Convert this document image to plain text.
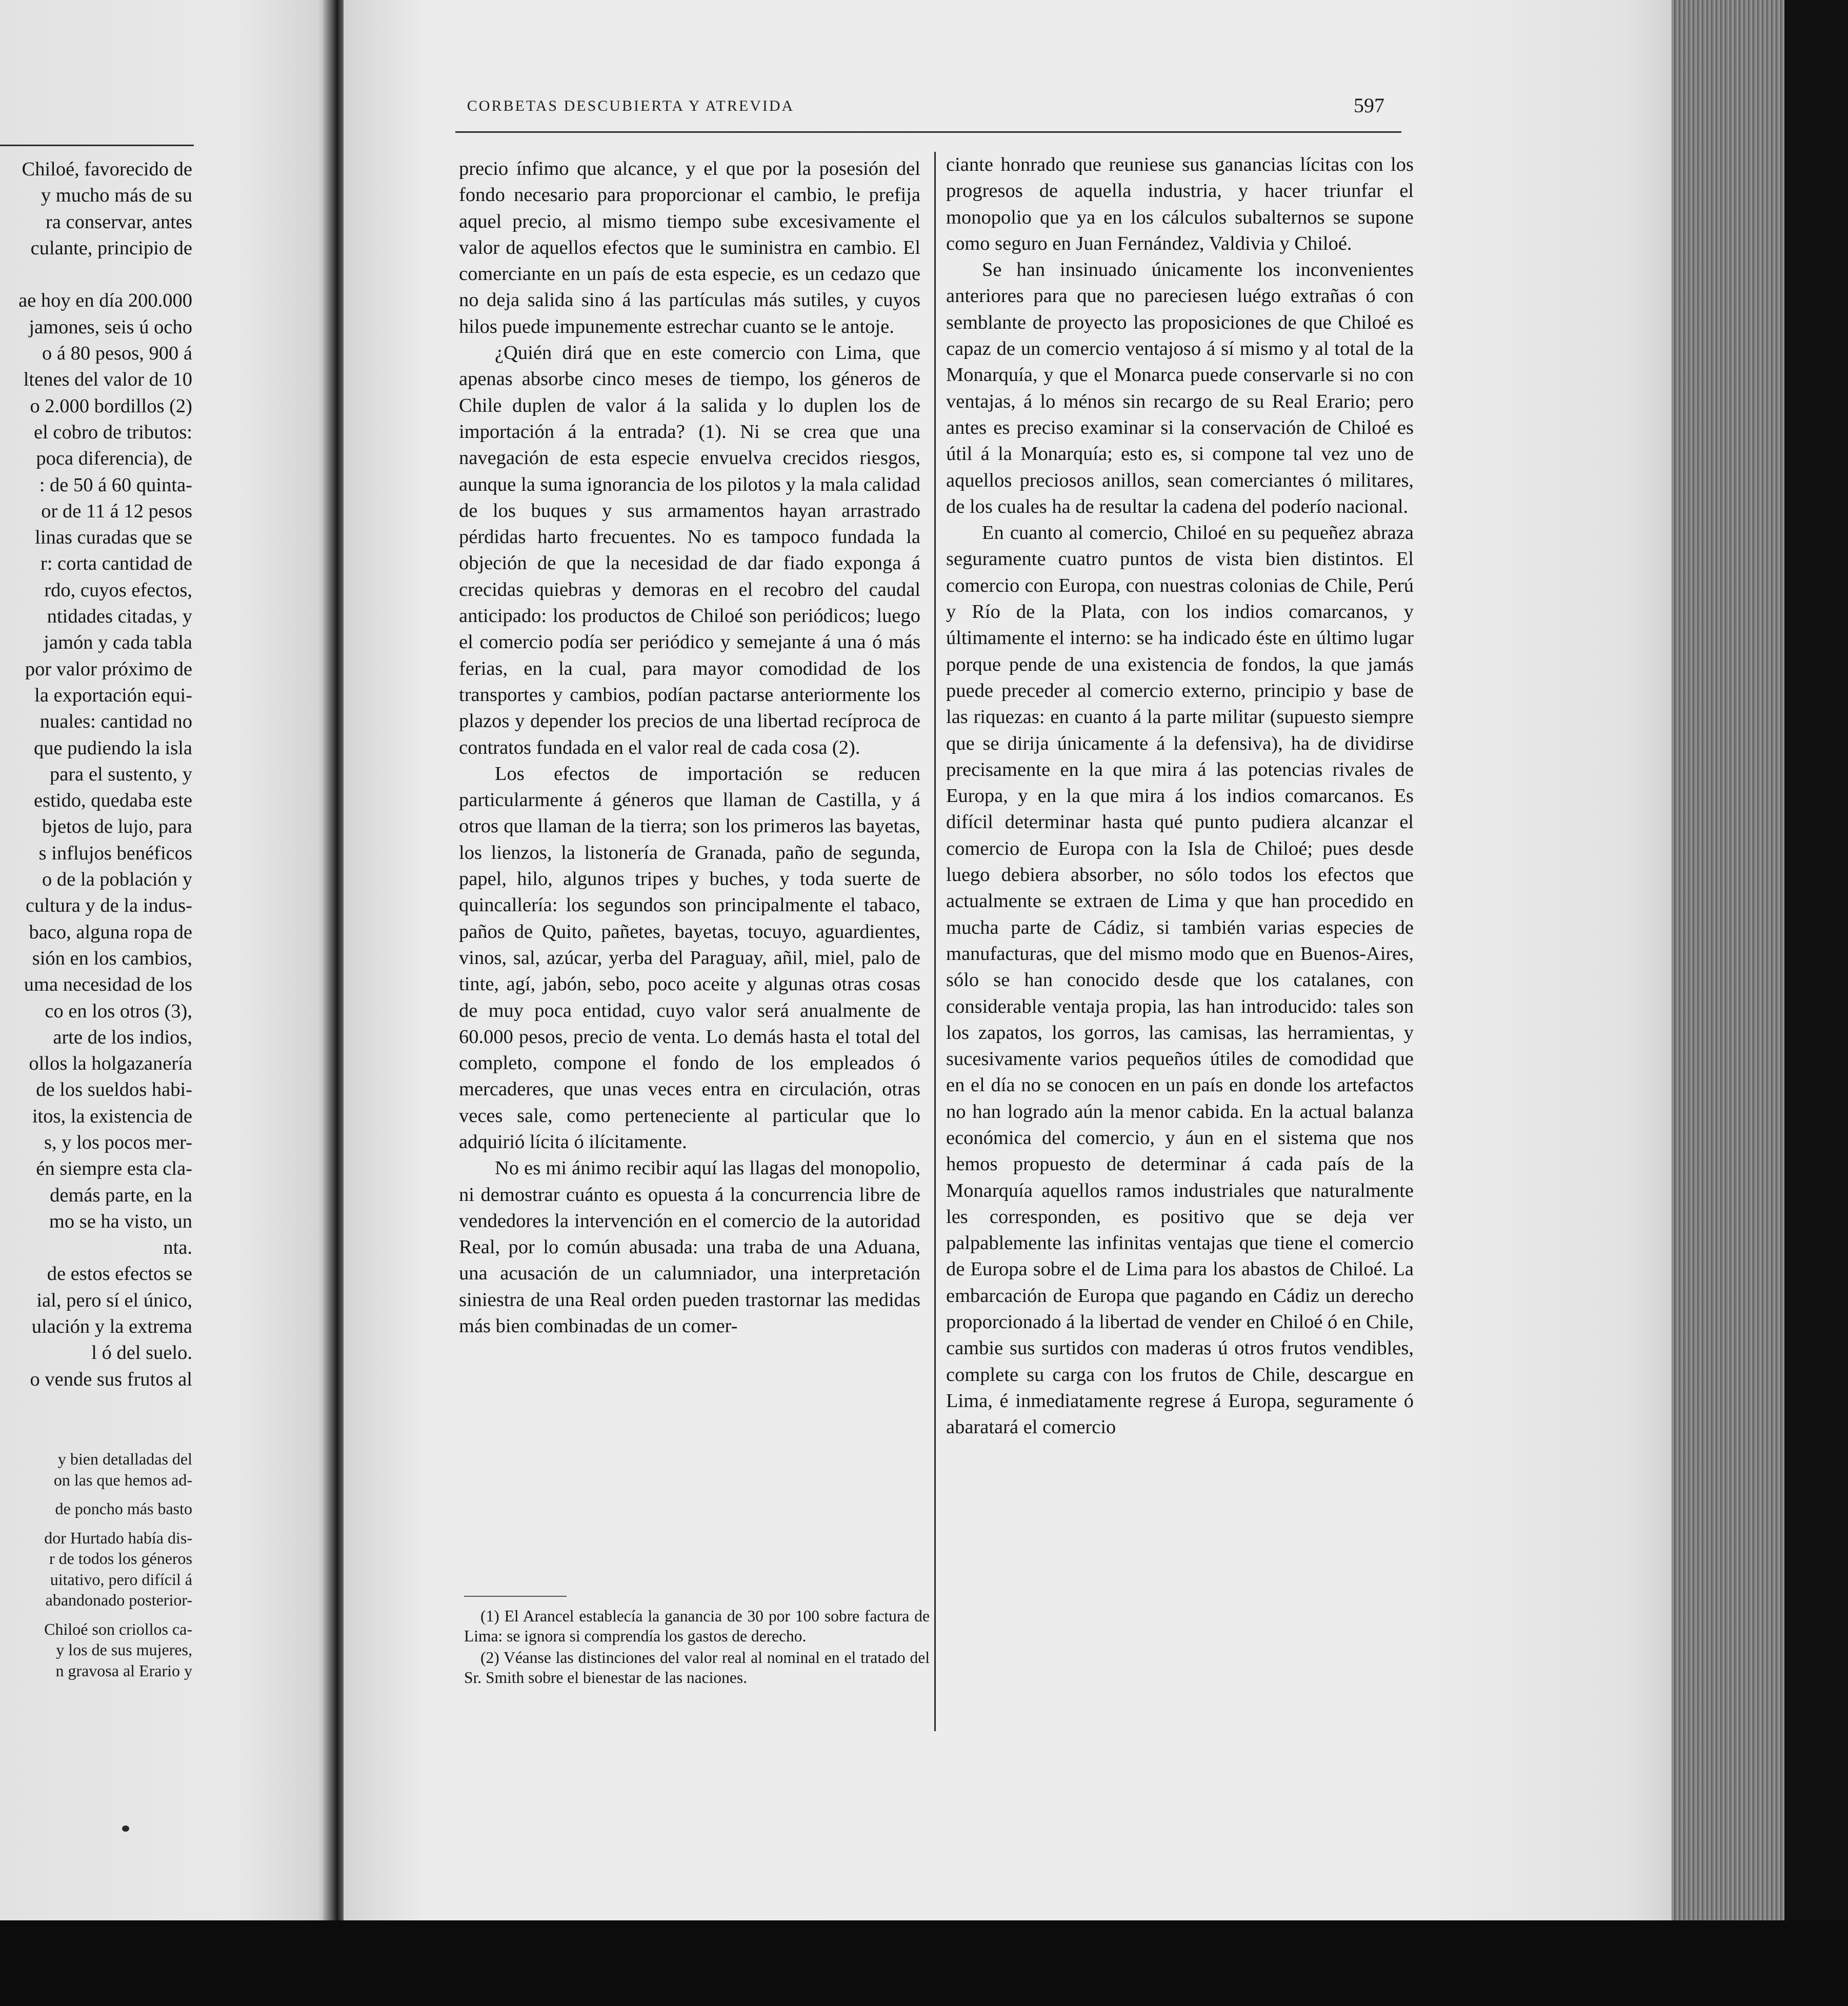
Chiloé, favorecido de
y mucho más de su
ra conservar, antes
culante, principio de

ae hoy en día 200.000
jamones, seis ú ocho
o á 80 pesos, 900 á
ltenes del valor de 10
o 2.000 bordillos (2)
el cobro de tributos:
poca diferencia), de
: de 50 á 60 quinta-
or de 11 á 12 pesos
linas curadas que se
r: corta cantidad de
rdo, cuyos efectos,
ntidades citadas, y
jamón y cada tabla
por valor próximo de
la exportación equi-
nuales: cantidad no
que pudiendo la isla
para el sustento, y
estido, quedaba este
bjetos de lujo, para
s influjos benéficos
o de la población y
cultura y de la indus-
baco, alguna ropa de
sión en los cambios,
uma necesidad de los
co en los otros (3),
arte de los indios,
ollos la holgazanería
de los sueldos habi-
itos, la existencia de
s, y los pocos mer-
én siempre esta cla-
demás parte, en la
mo se ha visto, un
nta.
de estos efectos se
ial, pero sí el único,
ulación y la extrema
l ó del suelo.
o vende sus frutos al
y bien detalladas del
on las que hemos ad-

de poncho más basto

dor Hurtado había dis-
r de todos los géneros
uitativo, pero difícil á
abandonado posterior-

Chiloé son criollos ca-
y los de sus mujeres,
n gravosa al Erario y
CORBETAS DESCUBIERTA Y ATREVIDA	597

precio ínfimo que alcance, y el que por la posesión del fondo necesario para proporcionar el cambio, le prefija aquel precio, al mismo tiempo sube excesivamente el valor de aquellos efectos que le suministra en cambio. El comerciante en un país de esta especie, es un cedazo que no deja salida sino á las partículas más sutiles, y cuyos hilos puede impunemente estrechar cuanto se le antoje.

¿Quién dirá que en este comercio con Lima, que apenas absorbe cinco meses de tiempo, los géneros de Chile duplen de valor á la salida y lo duplen los de importación á la entrada? (1). Ni se crea que una navegación de esta especie envuelva crecidos riesgos, aunque la suma ignorancia de los pilotos y la mala calidad de los buques y sus armamentos hayan arrastrado pérdidas harto frecuentes. No es tampoco fundada la objeción de que la necesidad de dar fiado exponga á crecidas quiebras y demoras en el recobro del caudal anticipado: los productos de Chiloé son periódicos; luego el comercio podía ser periódico y semejante á una ó más ferias, en la cual, para mayor comodidad de los transportes y cambios, podían pactarse anteriormente los plazos y depender los precios de una libertad recíproca de contratos fundada en el valor real de cada cosa (2).

Los efectos de importación se reducen particularmente á géneros que llaman de Castilla, y á otros que llaman de la tierra; son los primeros las bayetas, los lienzos, la listonería de Granada, paño de segunda, papel, hilo, algunos tripes y buches, y toda suerte de quincallería: los segundos son principalmente el tabaco, paños de Quito, pañetes, bayetas, tocuyo, aguardientes, vinos, sal, azúcar, yerba del Paraguay, añil, miel, palo de tinte, agí, jabón, sebo, poco aceite y algunas otras cosas de muy poca entidad, cuyo valor será anualmente de 60.000 pesos, precio de venta. Lo demás hasta el total del completo, compone el fondo de los empleados ó mercaderes, que unas veces entra en circulación, otras veces sale, como perteneciente al particular que lo adquirió lícita ó ilícitamente.

No es mi ánimo recibir aquí las llagas del monopolio, ni demostrar cuánto es opuesta á la concurrencia libre de vendedores la intervención en el comercio de la autoridad Real, por lo común abusada: una traba de una Aduana, una acusación de un calumniador, una interpretación siniestra de una Real orden pueden trastornar las medidas más bien combinadas de un comer-

ciante honrado que reuniese sus ganancias lícitas con los progresos de aquella industria, y hacer triunfar el monopolio que ya en los cálculos subalternos se supone como seguro en Juan Fernández, Valdivia y Chiloé.

Se han insinuado únicamente los inconvenientes anteriores para que no pareciesen luégo extrañas ó con semblante de proyecto las proposiciones de que Chiloé es capaz de un comercio ventajoso á sí mismo y al total de la Monarquía, y que el Monarca puede conservarle si no con ventajas, á lo ménos sin recargo de su Real Erario; pero antes es preciso examinar si la conservación de Chiloé es útil á la Monarquía; esto es, si compone tal vez uno de aquellos preciosos anillos, sean comerciantes ó militares, de los cuales ha de resultar la cadena del poderío nacional.

En cuanto al comercio, Chiloé en su pequeñez abraza seguramente cuatro puntos de vista bien distintos. El comercio con Europa, con nuestras colonias de Chile, Perú y Río de la Plata, con los indios comarcanos, y últimamente el interno: se ha indicado éste en último lugar porque pende de una existencia de fondos, la que jamás puede preceder al comercio externo, principio y base de las riquezas: en cuanto á la parte militar (supuesto siempre que se dirija únicamente á la defensiva), ha de dividirse precisamente en la que mira á las potencias rivales de Europa, y en la que mira á los indios comarcanos. Es difícil determinar hasta qué punto pudiera alcanzar el comercio de Europa con la Isla de Chiloé; pues desde luego debiera absorber, no sólo todos los efectos que actualmente se extraen de Lima y que han procedido en mucha parte de Cádiz, si también varias especies de manufacturas, que del mismo modo que en Buenos-Aires, sólo se han conocido desde que los catalanes, con considerable ventaja propia, las han introducido: tales son los zapatos, los gorros, las camisas, las herramientas, y sucesivamente varios pequeños útiles de comodidad que en el día no se conocen en un país en donde los artefactos no han logrado aún la menor cabida. En la actual balanza económica del comercio, y áun en el sistema que nos hemos propuesto de determinar á cada país de la Monarquía aquellos ramos industriales que naturalmente les corresponden, es positivo que se deja ver palpablemente las infinitas ventajas que tiene el comercio de Europa sobre el de Lima para los abastos de Chiloé. La embarcación de Europa que pagando en Cádiz un derecho proporcionado á la libertad de vender en Chiloé ó en Chile, cambie sus surtidos con maderas ú otros frutos vendibles, complete su carga con los frutos de Chile, descargue en Lima, é inmediatamente regrese á Europa, seguramente ó abaratará el comercio

(1) El Arancel establecía la ganancia de 30 por 100 sobre factura de Lima: se ignora si comprendía los gastos de derecho.

(2) Véanse las distinciones del valor real al nominal en el tratado del Sr. Smith sobre el bienestar de las naciones.
